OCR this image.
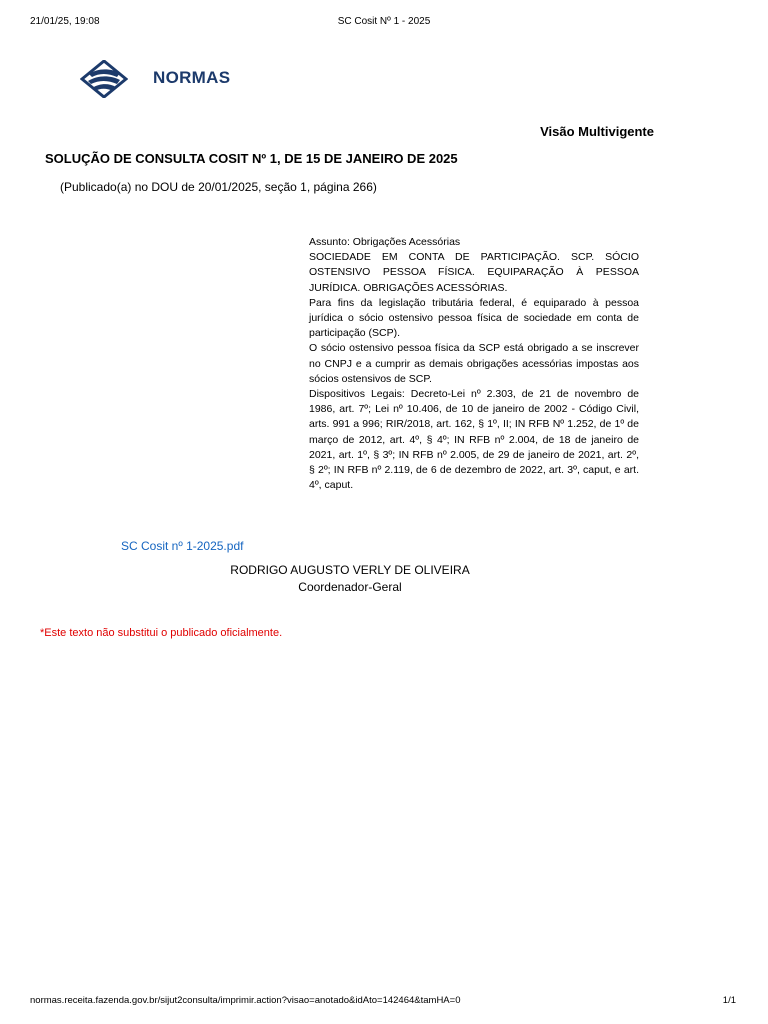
21/01/25, 19:08	SC Cosit Nº 1 - 2025
NORMAS
Visão Multivigente
SOLUÇÃO DE CONSULTA COSIT Nº 1, DE 15 DE JANEIRO DE 2025
(Publicado(a) no DOU de 20/01/2025, seção 1, página 266)

Assunto: Obrigações Acessórias

SOCIEDADE EM CONTA DE PARTICIPAÇÃO. SCP. SÓCIO OSTENSIVO PESSOA FÍSICA. EQUIPARAÇÃO À PESSOA JURÍDICA. OBRIGAÇÕES ACESSÓRIAS.

Para fins da legislação tributária federal, é equiparado à pessoa jurídica o sócio ostensivo pessoa física de sociedade em conta de participação (SCP).

O sócio ostensivo pessoa física da SCP está obrigado a se inscrever no CNPJ e a cumprir as demais obrigações acessórias impostas aos sócios ostensivos de SCP.

Dispositivos Legais: Decreto-Lei nº 2.303, de 21 de novembro de 1986, art. 7º; Lei nº 10.406, de 10 de janeiro de 2002 - Código Civil, arts. 991 a 996; RIR/2018, art. 162, § 1º, II; IN RFB Nº 1.252, de 1º de março de 2012, art. 4º, § 4º; IN RFB nº 2.004, de 18 de janeiro de 2021, art. 1º, § 3º; IN RFB nº 2.005, de 29 de janeiro de 2021, art. 2º, § 2º; IN RFB nº 2.119, de 6 de dezembro de 2022, art. 3º, caput, e art. 4º, caput.

SC Cosit nº 1-2025.pdf
RODRIGO AUGUSTO VERLY DE OLIVEIRA
Coordenador-Geral
*Este texto não substitui o publicado oficialmente.
normas.receita.fazenda.gov.br/sijut2consulta/imprimir.action?visao=anotado&idAto=142464&tamHA=0	1/1
